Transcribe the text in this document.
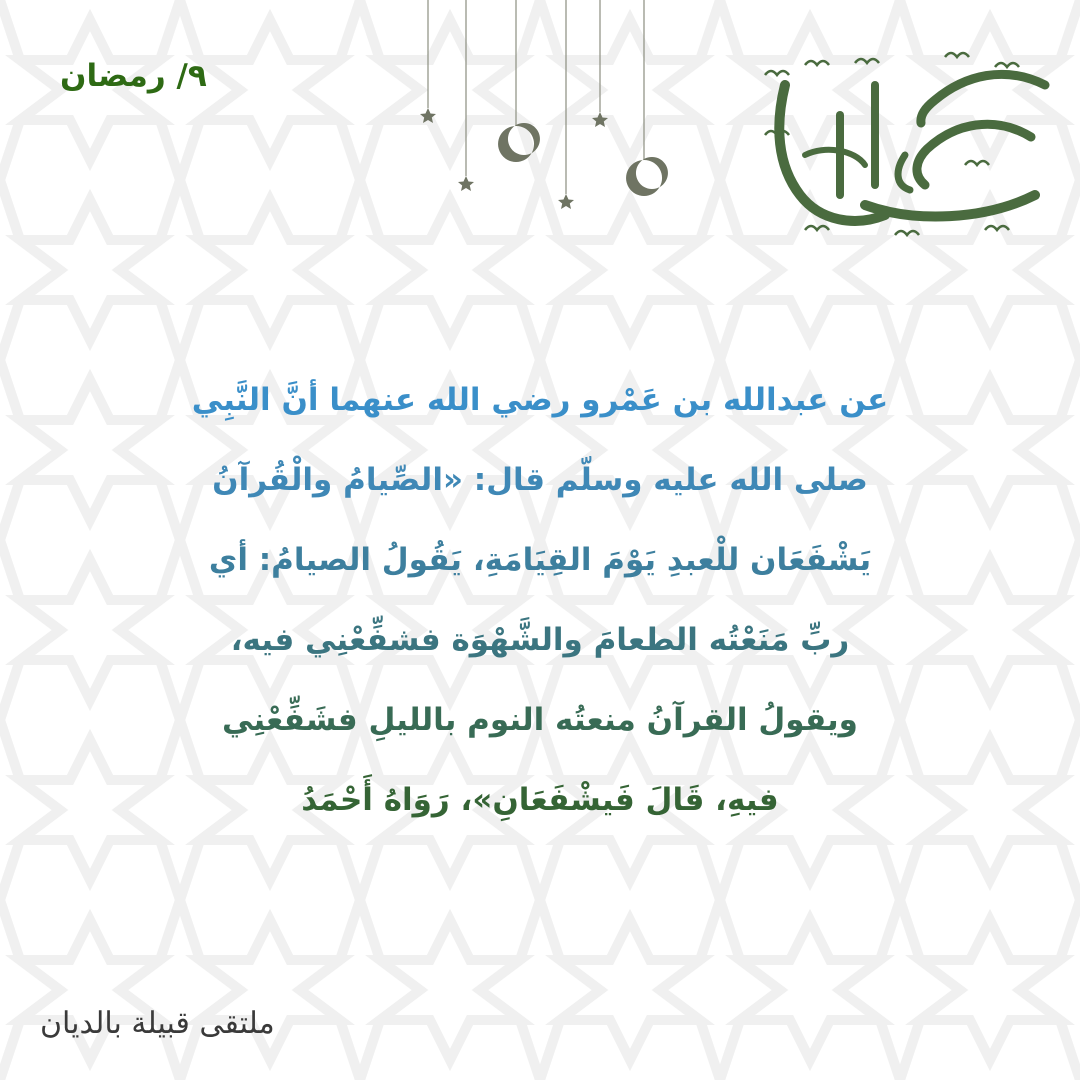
٩/ رمضان

عن عبدالله بن عَمْرو رضي الله عنهما أنَّ النَّبِي
صلى الله عليه وسلّم قال: «الصِّيامُ والْقُرآنُ
يَشْفَعَان للْعبدِ يَوْمَ القِيَامَةِ، يَقُولُ الصيامُ: أي
ربِّ مَنَعْتُه الطعامَ والشَّهْوَة فشفِّعْنِي فيه،
ويقولُ القرآنُ منعتُه النوم بالليلِ فشَفِّعْنِي
فيهِ، قَالَ فَيشْفَعَانِ»، رَوَاهُ أَحْمَدُ

ملتقى قبيلة بالديان
